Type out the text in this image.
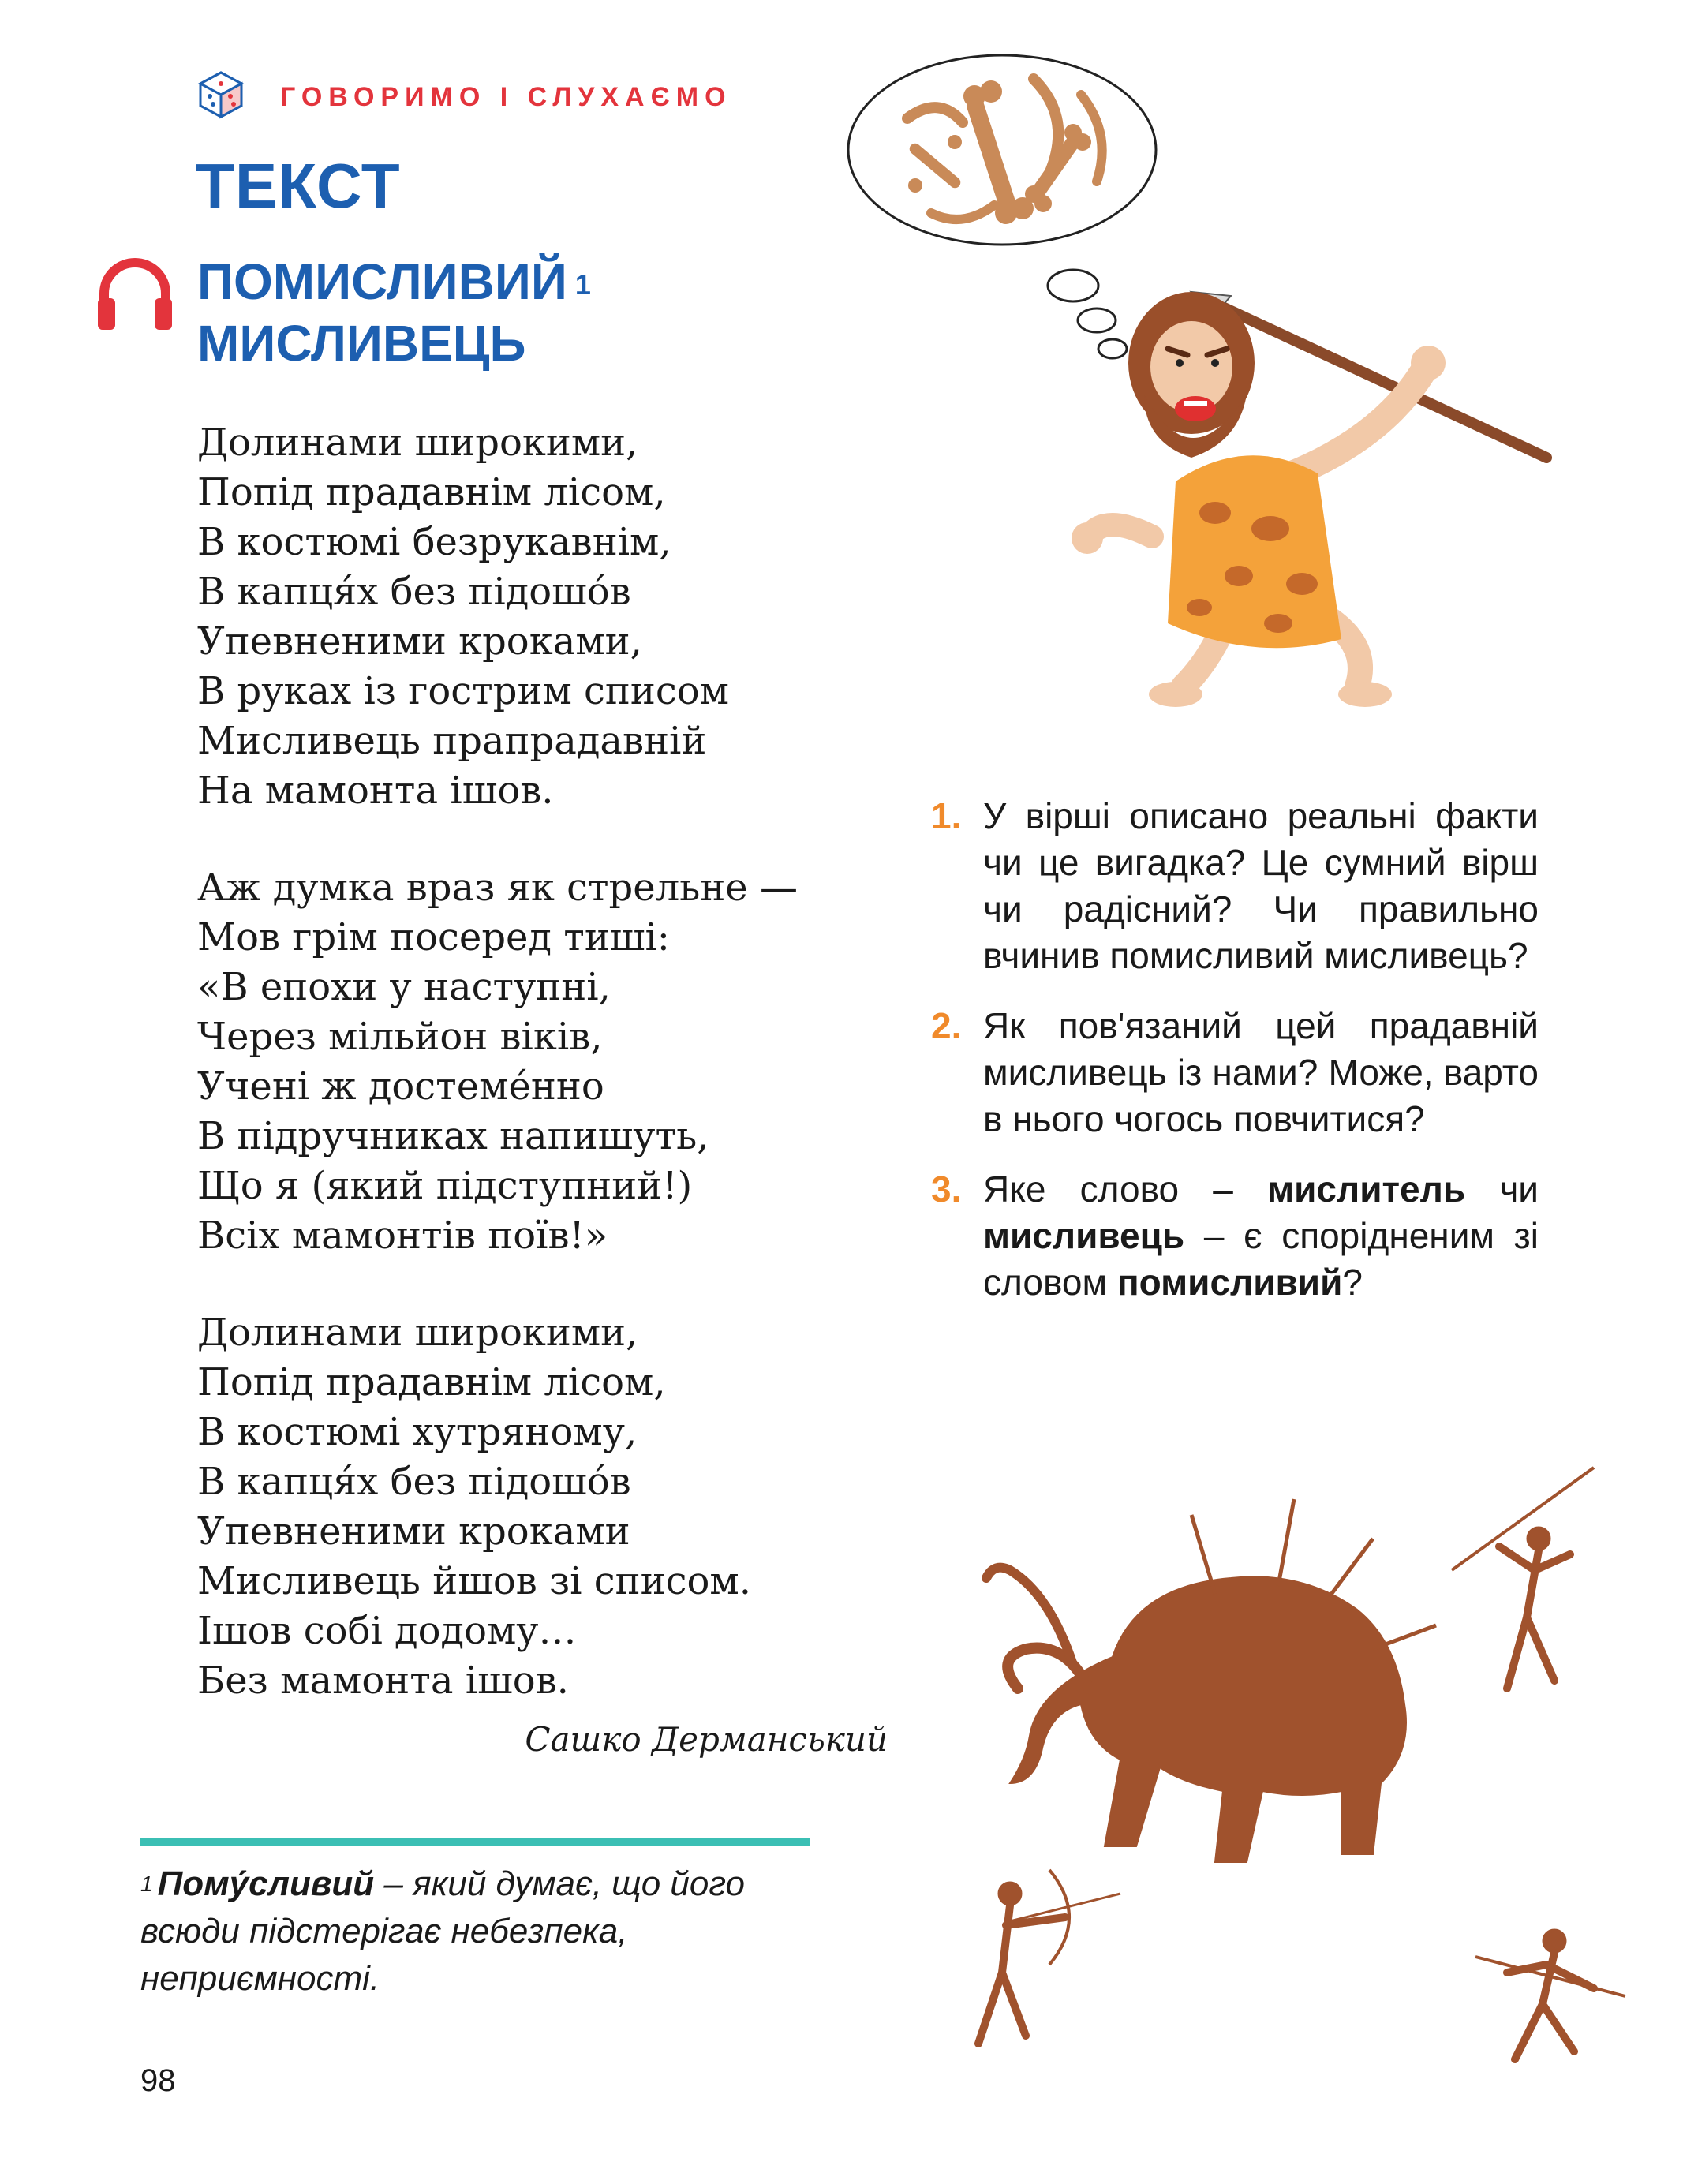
ГОВОРИМО І СЛУХАЄМО
ТЕКСТ
ПОМИСЛИВИЙ $^1$
МИСЛИВЕЦЬ
Долинами широкими,
Попід прадавнім лісом,
В костюмі безрукавнім,
В капця́х без підошо́в
Упевненими кроками,
В руках із гострим списом
Мисливець прапрадавній
На мамонта ішов.
Аж думка враз як стрельне —
Мов грім посеред тиші:
«В епохи у наступні,
Через мільйон віків,
Учені ж достеме́нно
В підручниках напишуть,
Що я (який підступний!)
Всіх мамонтів поїв!»
Долинами широкими,
Попід прадавнім лісом,
В костюмі хутряному,
В капця́х без підошо́в
Упевненими кроками
Мисливець йшов зі списом.
Ішов собі додому…
Без мамонта ішов.
Сашко Дерманський
$^1$ Пому́сливий – який думає, що його всюди підстерігає небезпека, неприємності.
98
1. У вірші описано реальні факти чи це вигадка? Це сумний вірш чи радісний? Чи правильно вчинив помисливий мисливець?
2. Як пов'язаний цей прадавній мисливець із нами? Може, варто в нього чогось повчитися?
3. Яке слово – мислитель чи мисливець – є спорідненим зі словом помисливий?
